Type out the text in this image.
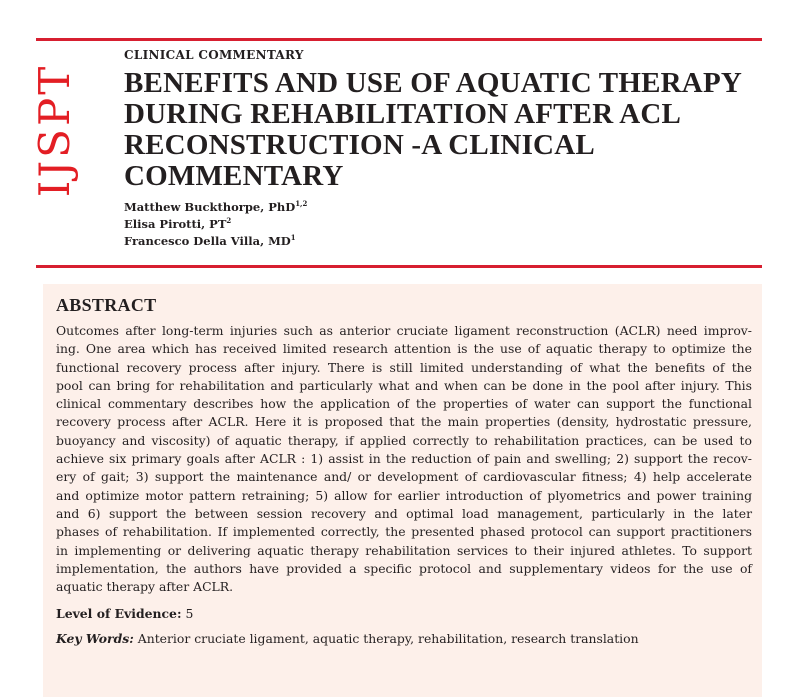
IJSPT

CLINICAL COMMENTARY

BENEFITS AND USE OF AQUATIC THERAPY
DURING REHABILITATION AFTER ACL
RECONSTRUCTION -A CLINICAL COMMENTARY
Matthew Buckthorpe, PhD$^{1,2}$
Elisa Pirotti, $PT^2$
Francesco Della Villa, $MD^1$
ABSTRACT

Outcomes after long-term injuries such as anterior cruciate ligament reconstruction (ACLR) need improv-
ing. One area which has received limited research attention is the use of aquatic therapy to optimize the
functional recovery process after injury. There is still limited understanding of what the benefits of the
pool can bring for rehabilitation and particularly what and when can be done in the pool after injury. This
clinical commentary describes how the application of the properties of water can support the functional
recovery process after ACLR. Here it is proposed that the main properties (density, hydrostatic pressure,
buoyancy and viscosity) of aquatic therapy, if applied correctly to rehabilitation practices, can be used to
achieve six primary goals after ACLR : 1) assist in the reduction of pain and swelling; 2) support the recov-
ery of gait; 3) support the maintenance and/ or development of cardiovascular fitness; 4) help accelerate
and optimize motor pattern retraining; 5) allow for earlier introduction of plyometrics and power training
and 6) support the between session recovery and optimal load management, particularly in the later
phases of rehabilitation. If implemented correctly, the presented phased protocol can support practitioners
in implementing or delivering aquatic therapy rehabilitation services to their injured athletes. To support
implementation, the authors have provided a specific protocol and supplementary videos for the use of
aquatic therapy after ACLR.

Level of Evidence: 5
Key Words: Anterior cruciate ligament, aquatic therapy, rehabilitation, research translation
